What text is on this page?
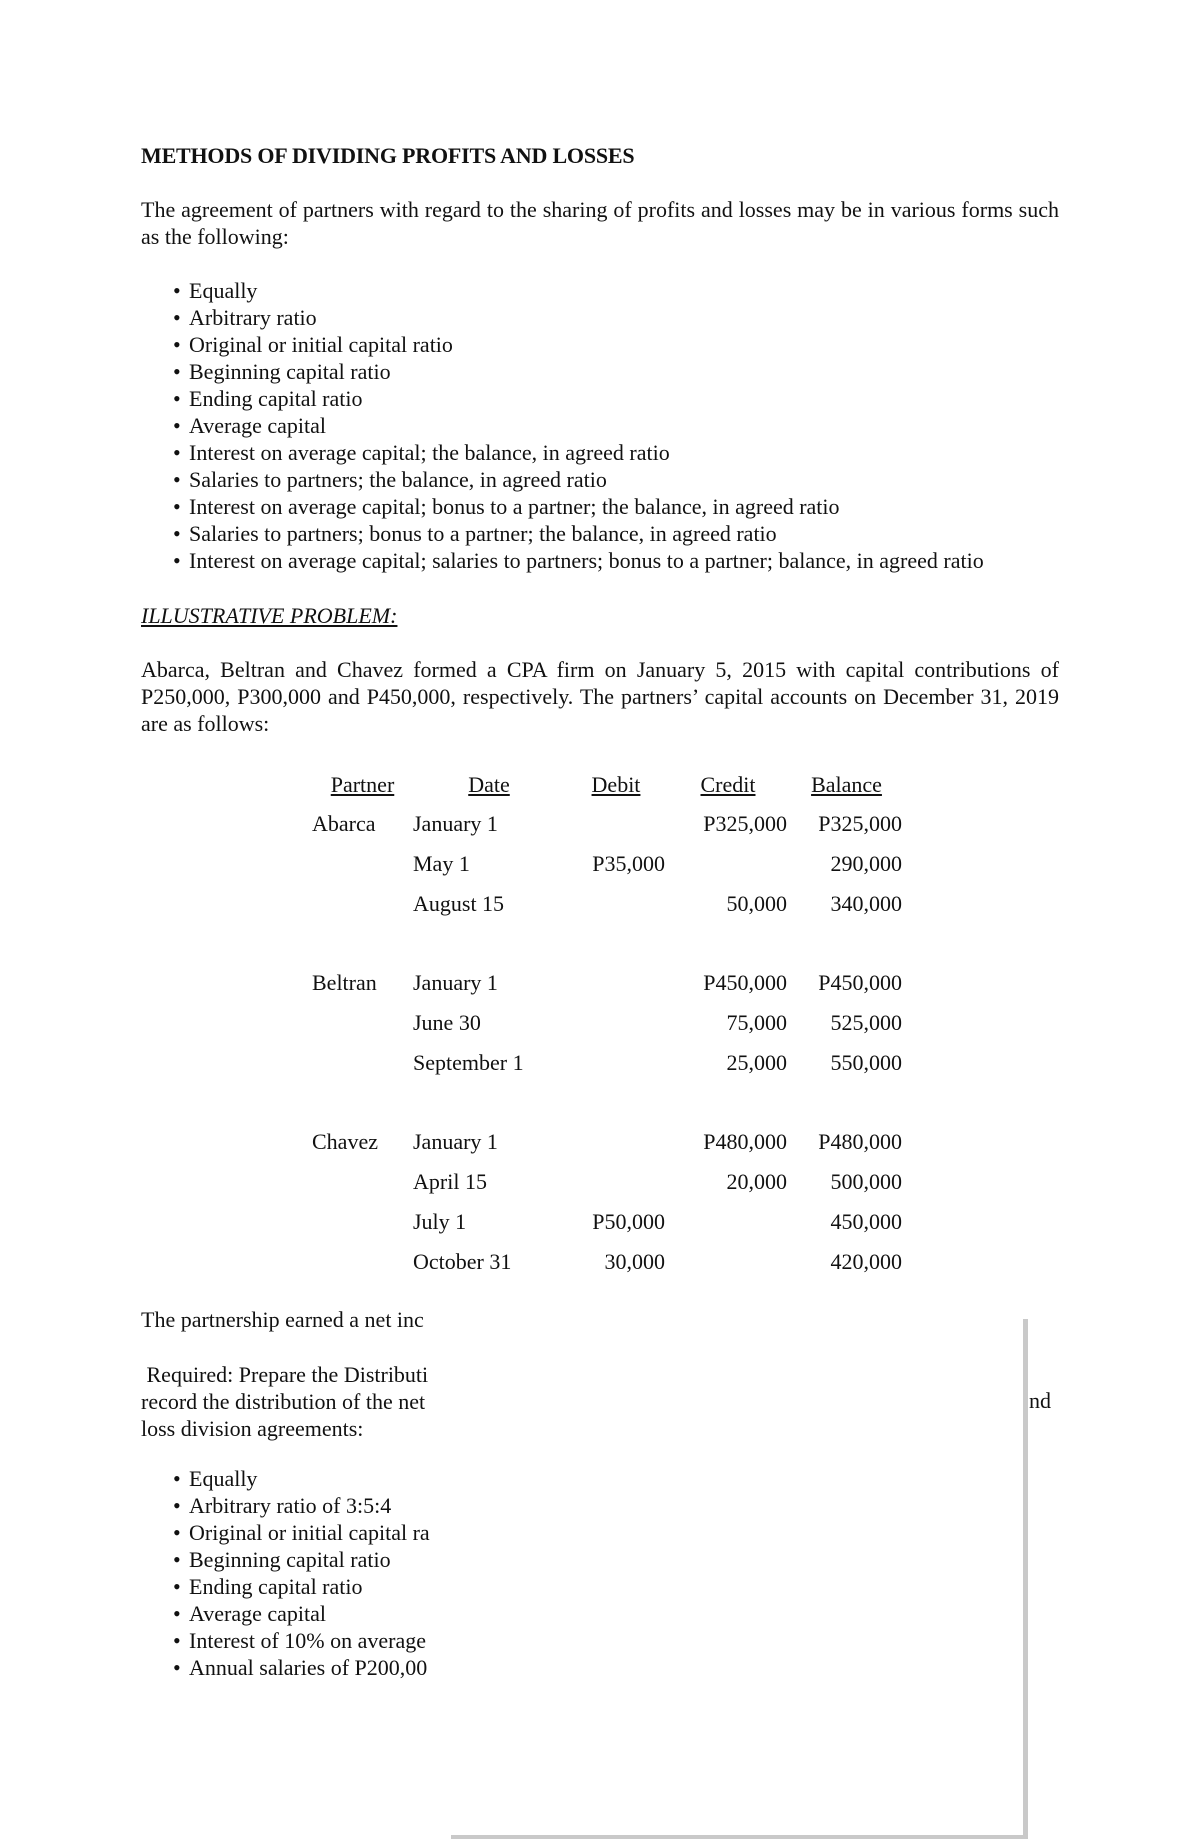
METHODS OF DIVIDING PROFITS AND LOSSES

The agreement of partners with regard to the sharing of profits and losses may be in various forms such as the following:

• Equally
• Arbitrary ratio
• Original or initial capital ratio
• Beginning capital ratio
• Ending capital ratio
• Average capital
• Interest on average capital; the balance, in agreed ratio
• Salaries to partners; the balance, in agreed ratio
• Interest on average capital; bonus to a partner; the balance, in agreed ratio
• Salaries to partners; bonus to a partner; the balance, in agreed ratio
• Interest on average capital; salaries to partners; bonus to a partner; balance, in agreed ratio
ILLUSTRATIVE PROBLEM:

Abarca, Beltran and Chavez formed a CPA firm on January 5, 2015 with capital contributions of P250,000, P300,000 and P450,000, respectively. The partners’ capital accounts on December 31, 2019 are as follows:

Partner	Date	Debit	Credit	Balance
Abarca	January 1		P325,000	P325,000
	May 1	P35,000		290,000
	August 15		50,000	340,000

Beltran	January 1		P450,000	P450,000
	June 30		75,000	525,000
	September 1		25,000	550,000

Chavez	January 1		P480,000	P480,000
	April 15		20,000	500,000
	July 1	P50,000		450,000
	October 31	30,000		420,000

The partnership earned a net inc

Required: Prepare the Distributi
record the distribution of the net
loss division agreements:
• Equally
• Arbitrary ratio of 3:5:4
• Original or initial capital ra
• Beginning capital ratio
• Ending capital ratio
• Average capital
• Interest of 10% on average
• Annual salaries of P200,00
nd
